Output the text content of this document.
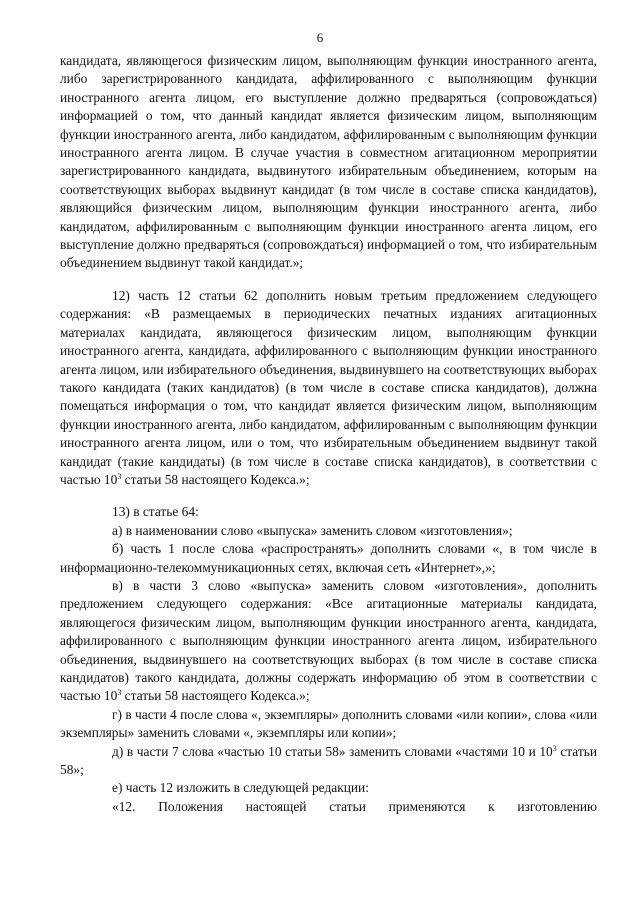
6

кандидата, являющегося физическим лицом, выполняющим функции иностранного агента, либо зарегистрированного кандидата, аффилированного с выполняющим функции иностранного агента лицом, его выступление должно предваряться (сопровождаться) информацией о том, что данный кандидат является физическим лицом, выполняющим функции иностранного агента, либо кандидатом, аффилированным с выполняющим функции иностранного агента лицом. В случае участия в совместном агитационном мероприятии зарегистрированного кандидата, выдвинутого избирательным объединением, которым на соответствующих выборах выдвинут кандидат (в том числе в составе списка кандидатов), являющийся физическим лицом, выполняющим функции иностранного агента, либо кандидатом, аффилированным с выполняющим функции иностранного агента лицом, его выступление должно предваряться (сопровождаться) информацией о том, что избирательным объединением выдвинут такой кандидат.»;

12) часть 12 статьи 62 дополнить новым третьим предложением следующего содержания: «В размещаемых в периодических печатных изданиях агитационных материалах кандидата, являющегося физическим лицом, выполняющим функции иностранного агента, кандидата, аффилированного с выполняющим функции иностранного агента лицом, или избирательного объединения, выдвинувшего на соответствующих выборах такого кандидата (таких кандидатов) (в том числе в составе списка кандидатов), должна помещаться информация о том, что кандидат является физическим лицом, выполняющим функции иностранного агента, либо кандидатом, аффилированным с выполняющим функции иностранного агента лицом, или о том, что избирательным объединением выдвинут такой кандидат (такие кандидаты) (в том числе в составе списка кандидатов), в соответствии с частью $10^3$ статьи 58 настоящего Кодекса.»;

13) в статье 64:

а) в наименовании слово «выпуска» заменить словом «изготовления»;

б) часть 1 после слова «распространять» дополнить словами «, в том числе в информационно-телекоммуникационных сетях, включая сеть «Интернет»,»;

в) в части 3 слово «выпуска» заменить словом «изготовления», дополнить предложением следующего содержания: «Все агитационные материалы кандидата, являющегося физическим лицом, выполняющим функции иностранного агента, кандидата, аффилированного с выполняющим функции иностранного агента лицом, избирательного объединения, выдвинувшего на соответствующих выборах (в том числе в составе списка кандидатов) такого кандидата, должны содержать информацию об этом в соответствии с частью $10^3$ статьи 58 настоящего Кодекса.»;

г) в части 4 после слова «, экземпляры» дополнить словами «или копии», слова «или экземпляры» заменить словами «, экземпляры или копии»;

д) в части 7 слова «частью 10 статьи 58» заменить словами «частями 10 и $10^3$ статьи 58»;

е) часть 12 изложить в следующей редакции:

«12. Положения настоящей статьи применяются к изготовлению
